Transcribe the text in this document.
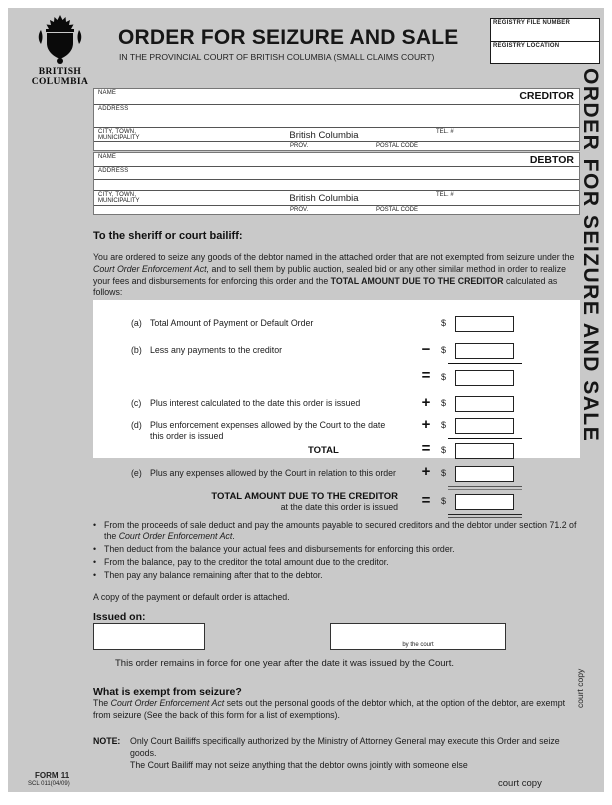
BRITISH
COLUMBIA
ORDER FOR SEIZURE AND SALE
IN THE PROVINCIAL COURT OF BRITISH COLUMBIA (SMALL CLAIMS COURT)
REGISTRY FILE NUMBER
REGISTRY LOCATION
NAME	CREDITOR
ADDRESS
CITY, TOWN,
MUNICIPALITY	British Columbia	TEL. #
PROV.	POSTAL CODE
NAME	DEBTOR
ADDRESS
CITY, TOWN,
MUNICIPALITY	British Columbia	TEL. #
PROV.	POSTAL CODE
To the sheriff or court bailiff:
You are ordered to seize any goods of the debtor named in the attached order that are not exempted from seizure under the Court Order Enforcement Act, and to sell them by public auction, sealed bid or any other similar method in order to realize your fees and disbursements for enforcing this order and the TOTAL AMOUNT DUE TO THE CREDITOR calculated as follows:
(a) Total Amount of Payment or Default Order	$
(b) Less any payments to the creditor	−	$
=	$
(c) Plus interest calculated to the date this order is issued	+	$
(d) Plus enforcement expenses allowed by the Court to the date
this order is issued
+	$
TOTAL	=	$
(e) Plus any expenses allowed by the Court in relation to this order	+	$
TOTAL AMOUNT DUE TO THE CREDITOR
at the date this order is issued	=	$
• From the proceeds of sale deduct and pay the amounts payable to secured creditors and the debtor under section 71.2 of the Court Order Enforcement Act.
• Then deduct from the balance your actual fees and disbursements for enforcing this order.
• From the balance, pay to the creditor the total amount due to the creditor.
• Then pay any balance remaining after that to the debtor.
A copy of the payment or default order is attached.
Issued on:
by the court
This order remains in force for one year after the date it was issued by the Court.
What is exempt from seizure?
The Court Order Enforcement Act sets out the personal goods of the debtor which, at the option of the debtor, are exempt from seizure (See the back of this form for a list of exemptions).
NOTE: Only Court Bailiffs specifically authorized by the Ministry of Attorney General may execute this Order and seize goods.
The Court Bailiff may not seize anything that the debtor owns jointly with someone else
FORM 11
SCL 011(04/09)	court copy
ORDER FOR SEIZURE AND SALE
court copy
